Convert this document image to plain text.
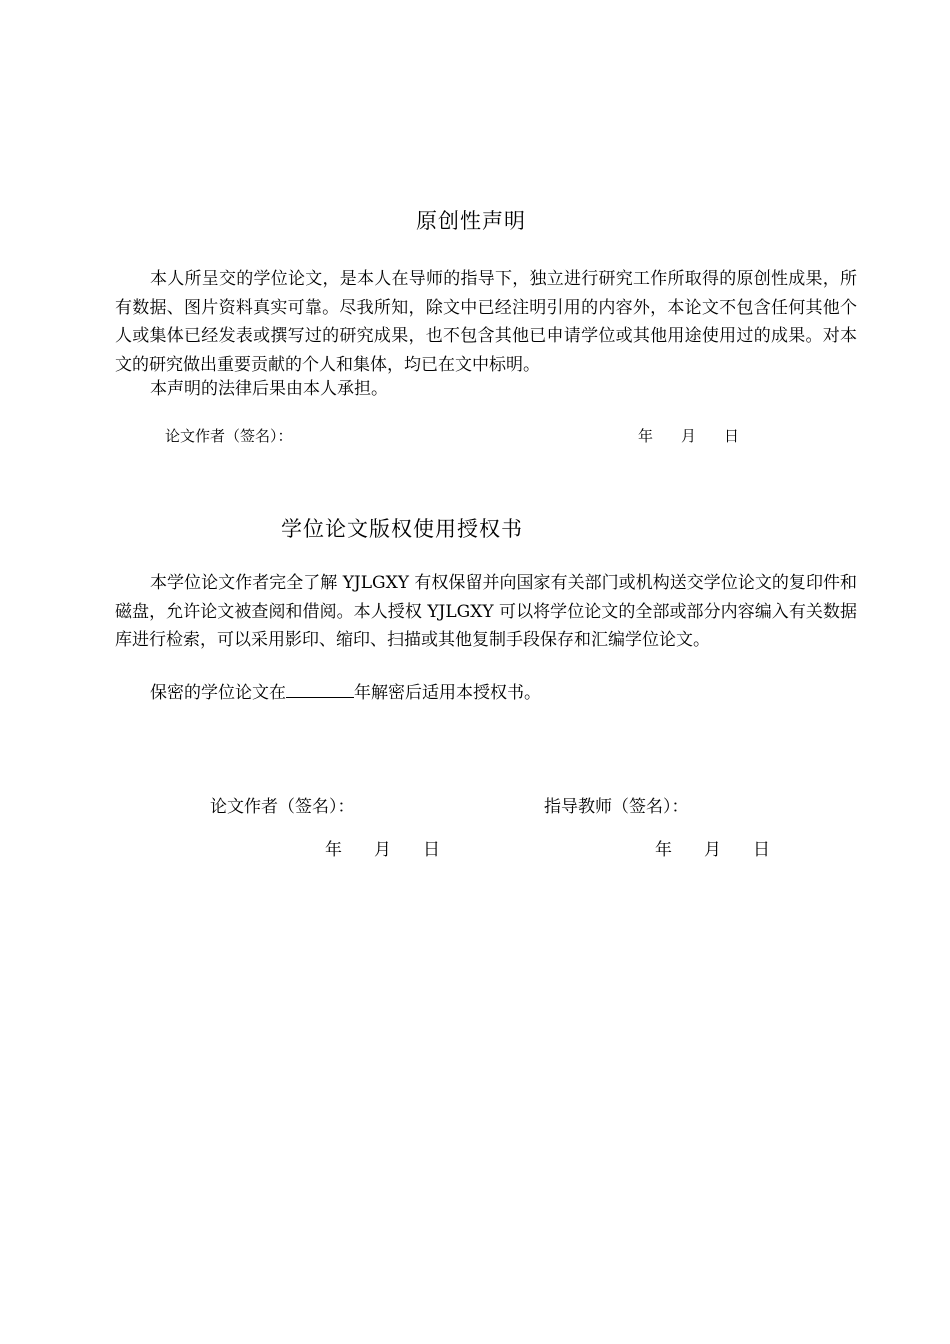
原创性声明

本人所呈交的学位论文，是本人在导师的指导下，独立进行研究工作所取得的原创性成果，所有数据、图片资料真实可靠。尽我所知，除文中已经注明引用的内容外，本论文不包含任何其他个人或集体已经发表或撰写过的研究成果，也不包含其他已申请学位或其他用途使用过的成果。对本文的研究做出重要贡献的个人和集体，均已在文中标明。

本声明的法律后果由本人承担。

论文作者（签名）：	年 月 日
学位论文版权使用授权书

本学位论文作者完全了解 YJLGXY 有权保留并向国家有关部门或机构送交学位论文的复印件和磁盘，允许论文被查阅和借阅。本人授权 YJLGXY 可以将学位论文的全部或部分内容编入有关数据库进行检索，可以采用影印、缩印、扫描或其他复制手段保存和汇编学位论文。

保密的学位论文在	年解密后适用本授权书。

论文作者（签名）：	指导教师（签名）：
年 月 日	年 月 日
